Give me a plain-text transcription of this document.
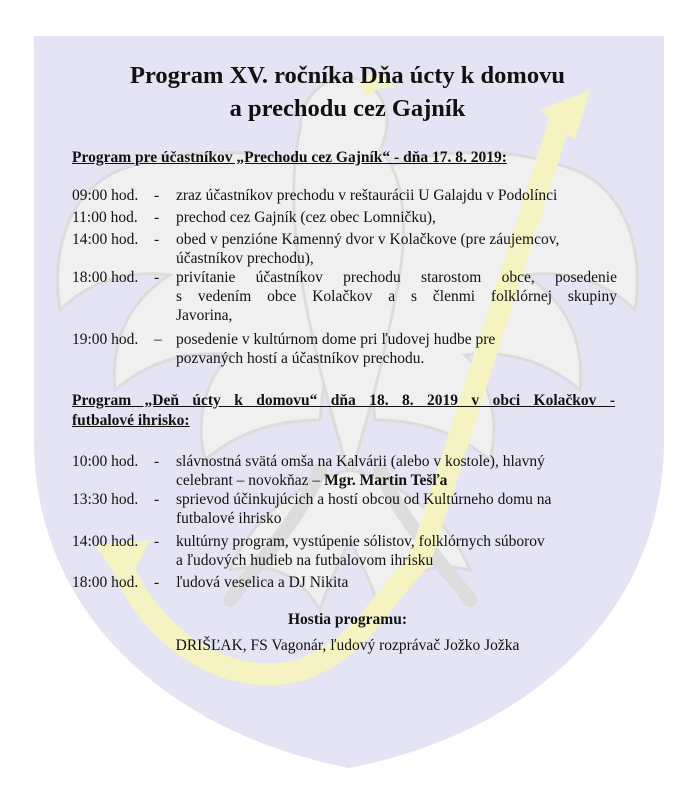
Program XV. ročníka Dňa úcty k domovu
a prechodu cez Gajník
Program pre účastníkov „Prechodu cez Gajník“ - dňa 17. 8. 2019:
09:00 hod. - zraz účastníkov prechodu v reštaurácii U Galajdu v Podolínci
11:00 hod. - prechod cez Gajník (cez obec Lomničku),
14:00 hod. - obed v penzióne Kamenný dvor v Kolačkove (pre záujemcov,
účastníkov prechodu),
18:00 hod. - privítanie účastníkov prechodu starostom obce, posedenie
s vedením obce Kolačkov a s členmi folklórnej skupiny
Javorina,
19:00 hod. – posedenie v kultúrnom dome pri ľudovej hudbe pre
pozvaných hostí a účastníkov prechodu.
Program „Deň úcty k domovu“ dňa 18. 8. 2019 v obci Kolačkov -
futbalové ihrisko:
10:00 hod. - slávnostná svätá omša na Kalvárii (alebo v kostole), hlavný
celebrant – novokňaz – Mgr. Martin Tešľa
13:30 hod. - sprievod účinkujúcich a hostí obcou od Kultúrneho domu na
futbalové ihrisko
14:00 hod. - kultúrny program, vystúpenie sólistov, folklórnych súborov
a ľudových hudieb na futbalovom ihrisku
18:00 hod. - ľudová veselica a DJ Nikita
Hostia programu:
DRIŠĽAK, FS Vagonár, ľudový rozprávač Jožko Jožka
